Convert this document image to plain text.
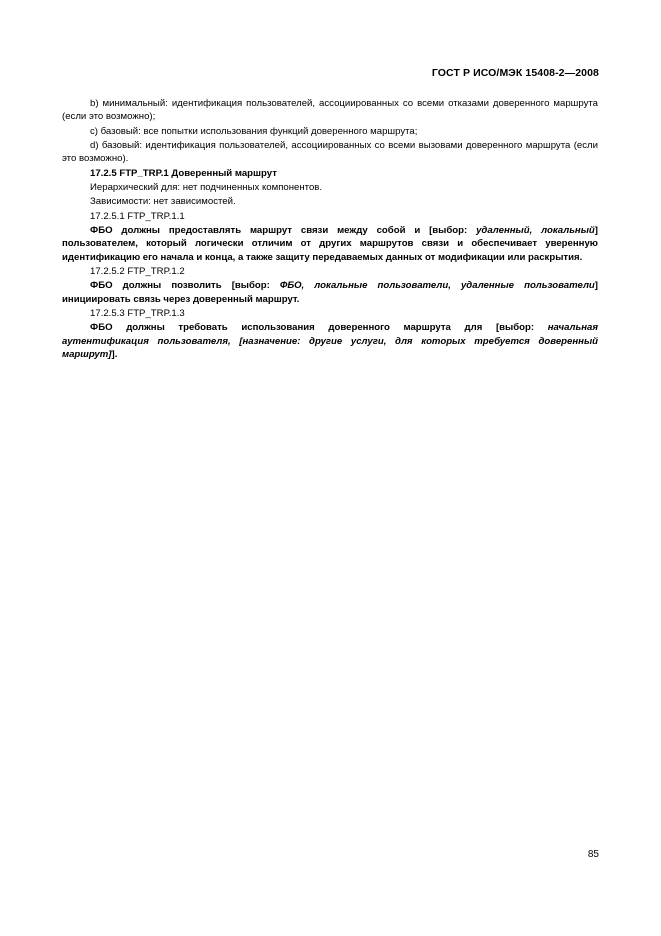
ГОСТ Р ИСО/МЭК 15408-2—2008

b) минимальный: идентификация пользователей, ассоциированных со всеми отказами доверенного маршрута (если это возможно);

c) базовый: все попытки использования функций доверенного маршрута;

d) базовый: идентификация пользователей, ассоциированных со всеми вызовами доверенного маршрута (если это возможно).

17.2.5 FTP_TRP.1 Доверенный маршрут

Иерархический для: нет подчиненных компонентов.

Зависимости: нет зависимостей.

17.2.5.1 FTP_TRP.1.1

ФБО должны предоставлять маршрут связи между собой и [выбор: удаленный, локальный] пользователем, который логически отличим от других маршрутов связи и обеспечивает уверенную идентификацию его начала и конца, а также защиту передаваемых данных от модификации или раскрытия.

17.2.5.2 FTP_TRP.1.2

ФБО должны позволить [выбор: ФБО, локальные пользователи, удаленные пользователи] инициировать связь через доверенный маршрут.

17.2.5.3 FTP_TRP.1.3

ФБО должны требовать использования доверенного маршрута для [выбор: начальная аутентификация пользователя, [назначение: другие услуги, для которых требуется доверенный маршрут]].

85
